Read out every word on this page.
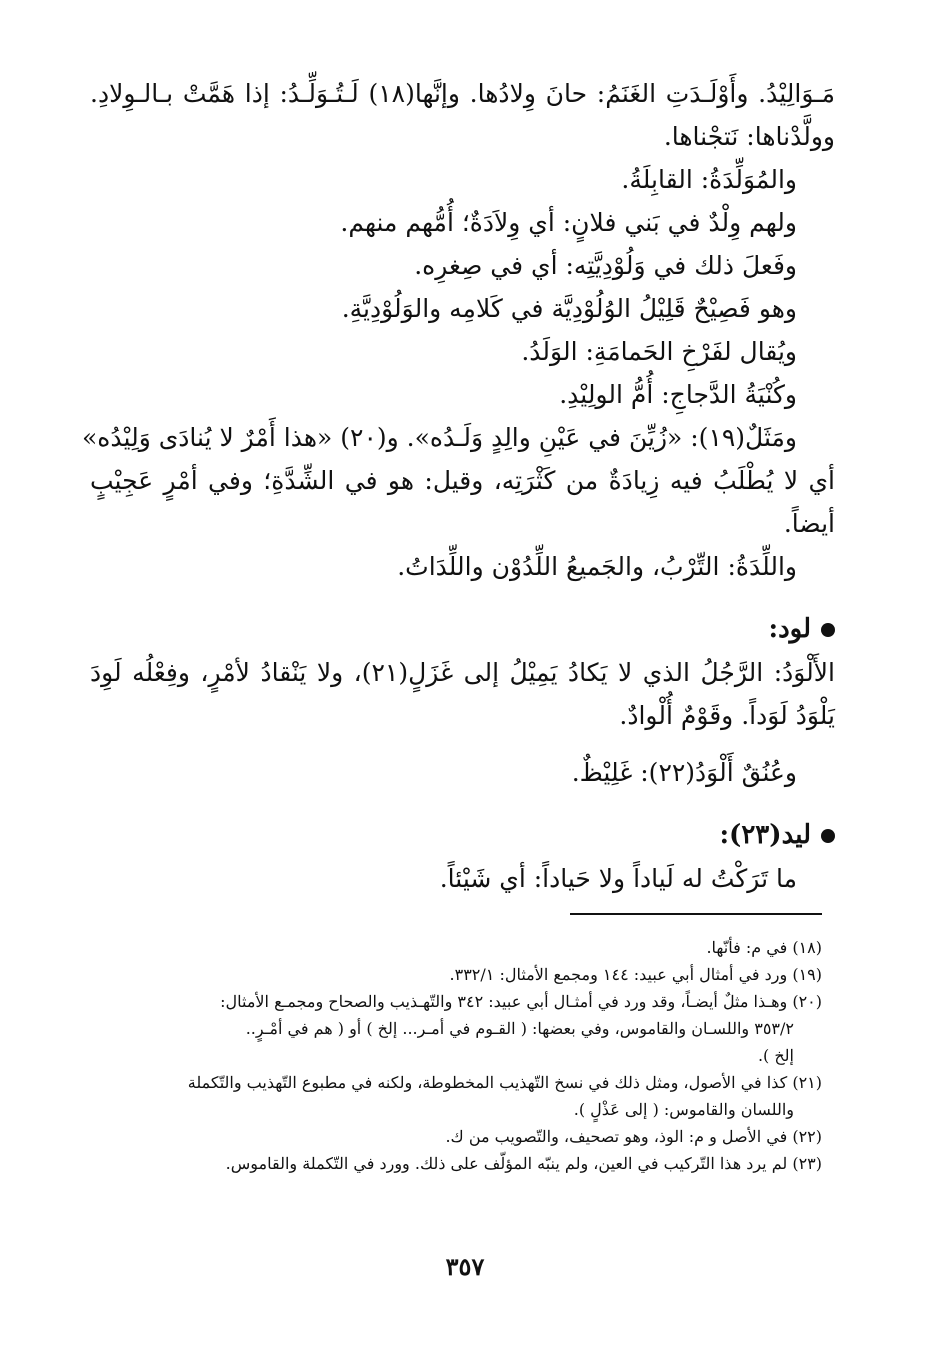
مَـوَالِيْدُ. وأَوْلَـدَتِ الغَنَمُ: حانَ وِلادُها. وإنَّها(١٨) لَـتُـوَلِّـدُ: إذا هَمَّتْ بـالـوِلادِ.
وولَّدْناها: نَتجْناها.
والمُوَلِّدَةُ: القابِلَةُ.
ولهم وِلْدٌ في بَني فلانٍ: أي وِلاَدَةٌ؛ أُمُّهم منهم.
وفَعلَ ذلك في وَلُوْدِيَّتِه: أي في صِغرِه.
وهو فَصِيْحٌ قَلِيْلُ الوُلُوْدِيَّة في كَلامِه والوَلُوْدِيَّةِ.
ويُقال لفَرْخِ الحَمامَةِ: الوَلَدُ.
وكُنْيَةُ الدَّجاجِ: أُمُّ الولِيْدِ.
ومَثَلٌ(١٩): «زُيِّنَ في عَيْنِ والِدٍ وَلَـدُه». و(٢٠) «هذا أَمْرٌ لا يُنادَى وَلِيْدُه»
أي لا يُطْلَبُ فيه زِيادَةٌ من كَثْرَتِه، وقيل: هو في الشِّدَّةِ؛ وفي أمْرٍ عَجِيْبٍ أيضاً.
واللِّدَةُ: التِّرْبُ، والجَميعُ اللِّدُوْن واللِّدَاتُ.
لود:
الأَلْوَدُ: الرَّجُلُ الذي لا يَكادُ يَمِيْلُ إلى غَزَلٍ(٢١)، ولا يَنْقادُ لأمْرٍ، وفِعْلُه لَوِدَ
يَلْوَدُ لَوَداً. وقَوْمٌ أُلْوادٌ.
وعُنُقٌ أَلْوَدُ(٢٢): غَلِيْظٌ.
ليد(٢٣):
ما تَرَكْتُ له لَياداً ولا حَياداً: أي شَيْئاً.
(١٨) في م: فأنّها.
(١٩) ورد في أمثال أبي عبيد: ١٤٤ ومجمع الأمثال: ٣٣٢/١.
(٢٠) وهـذا مثلٌ أيضـاً، وقد ورد في أمثـال أبي عبيد: ٣٤٢ والتّهـذيب والصحاح ومجمـع الأمثال:
٣٥٣/٢ واللسـان والقاموس، وفي بعضها: ( القـوم في أمـر... إلخ ) أو ( هم في أمْـرٍ..
إلخ ).
(٢١) كذا في الأصول، ومثل ذلك في نسخ التّهذيب المخطوطة، ولكنه في مطبوع التّهذيب والتّكملة
واللسان والقاموس: ( إلى عَذْلٍ ).
(٢٢) في الأصل و م: الوذ، وهو تصحيف، والتّصويب من ك.
(٢٣) لم يرد هذا التّركيب في العين، ولم ينبّه المؤلّف على ذلك. وورد في التّكملة والقاموس.
٣٥٧
